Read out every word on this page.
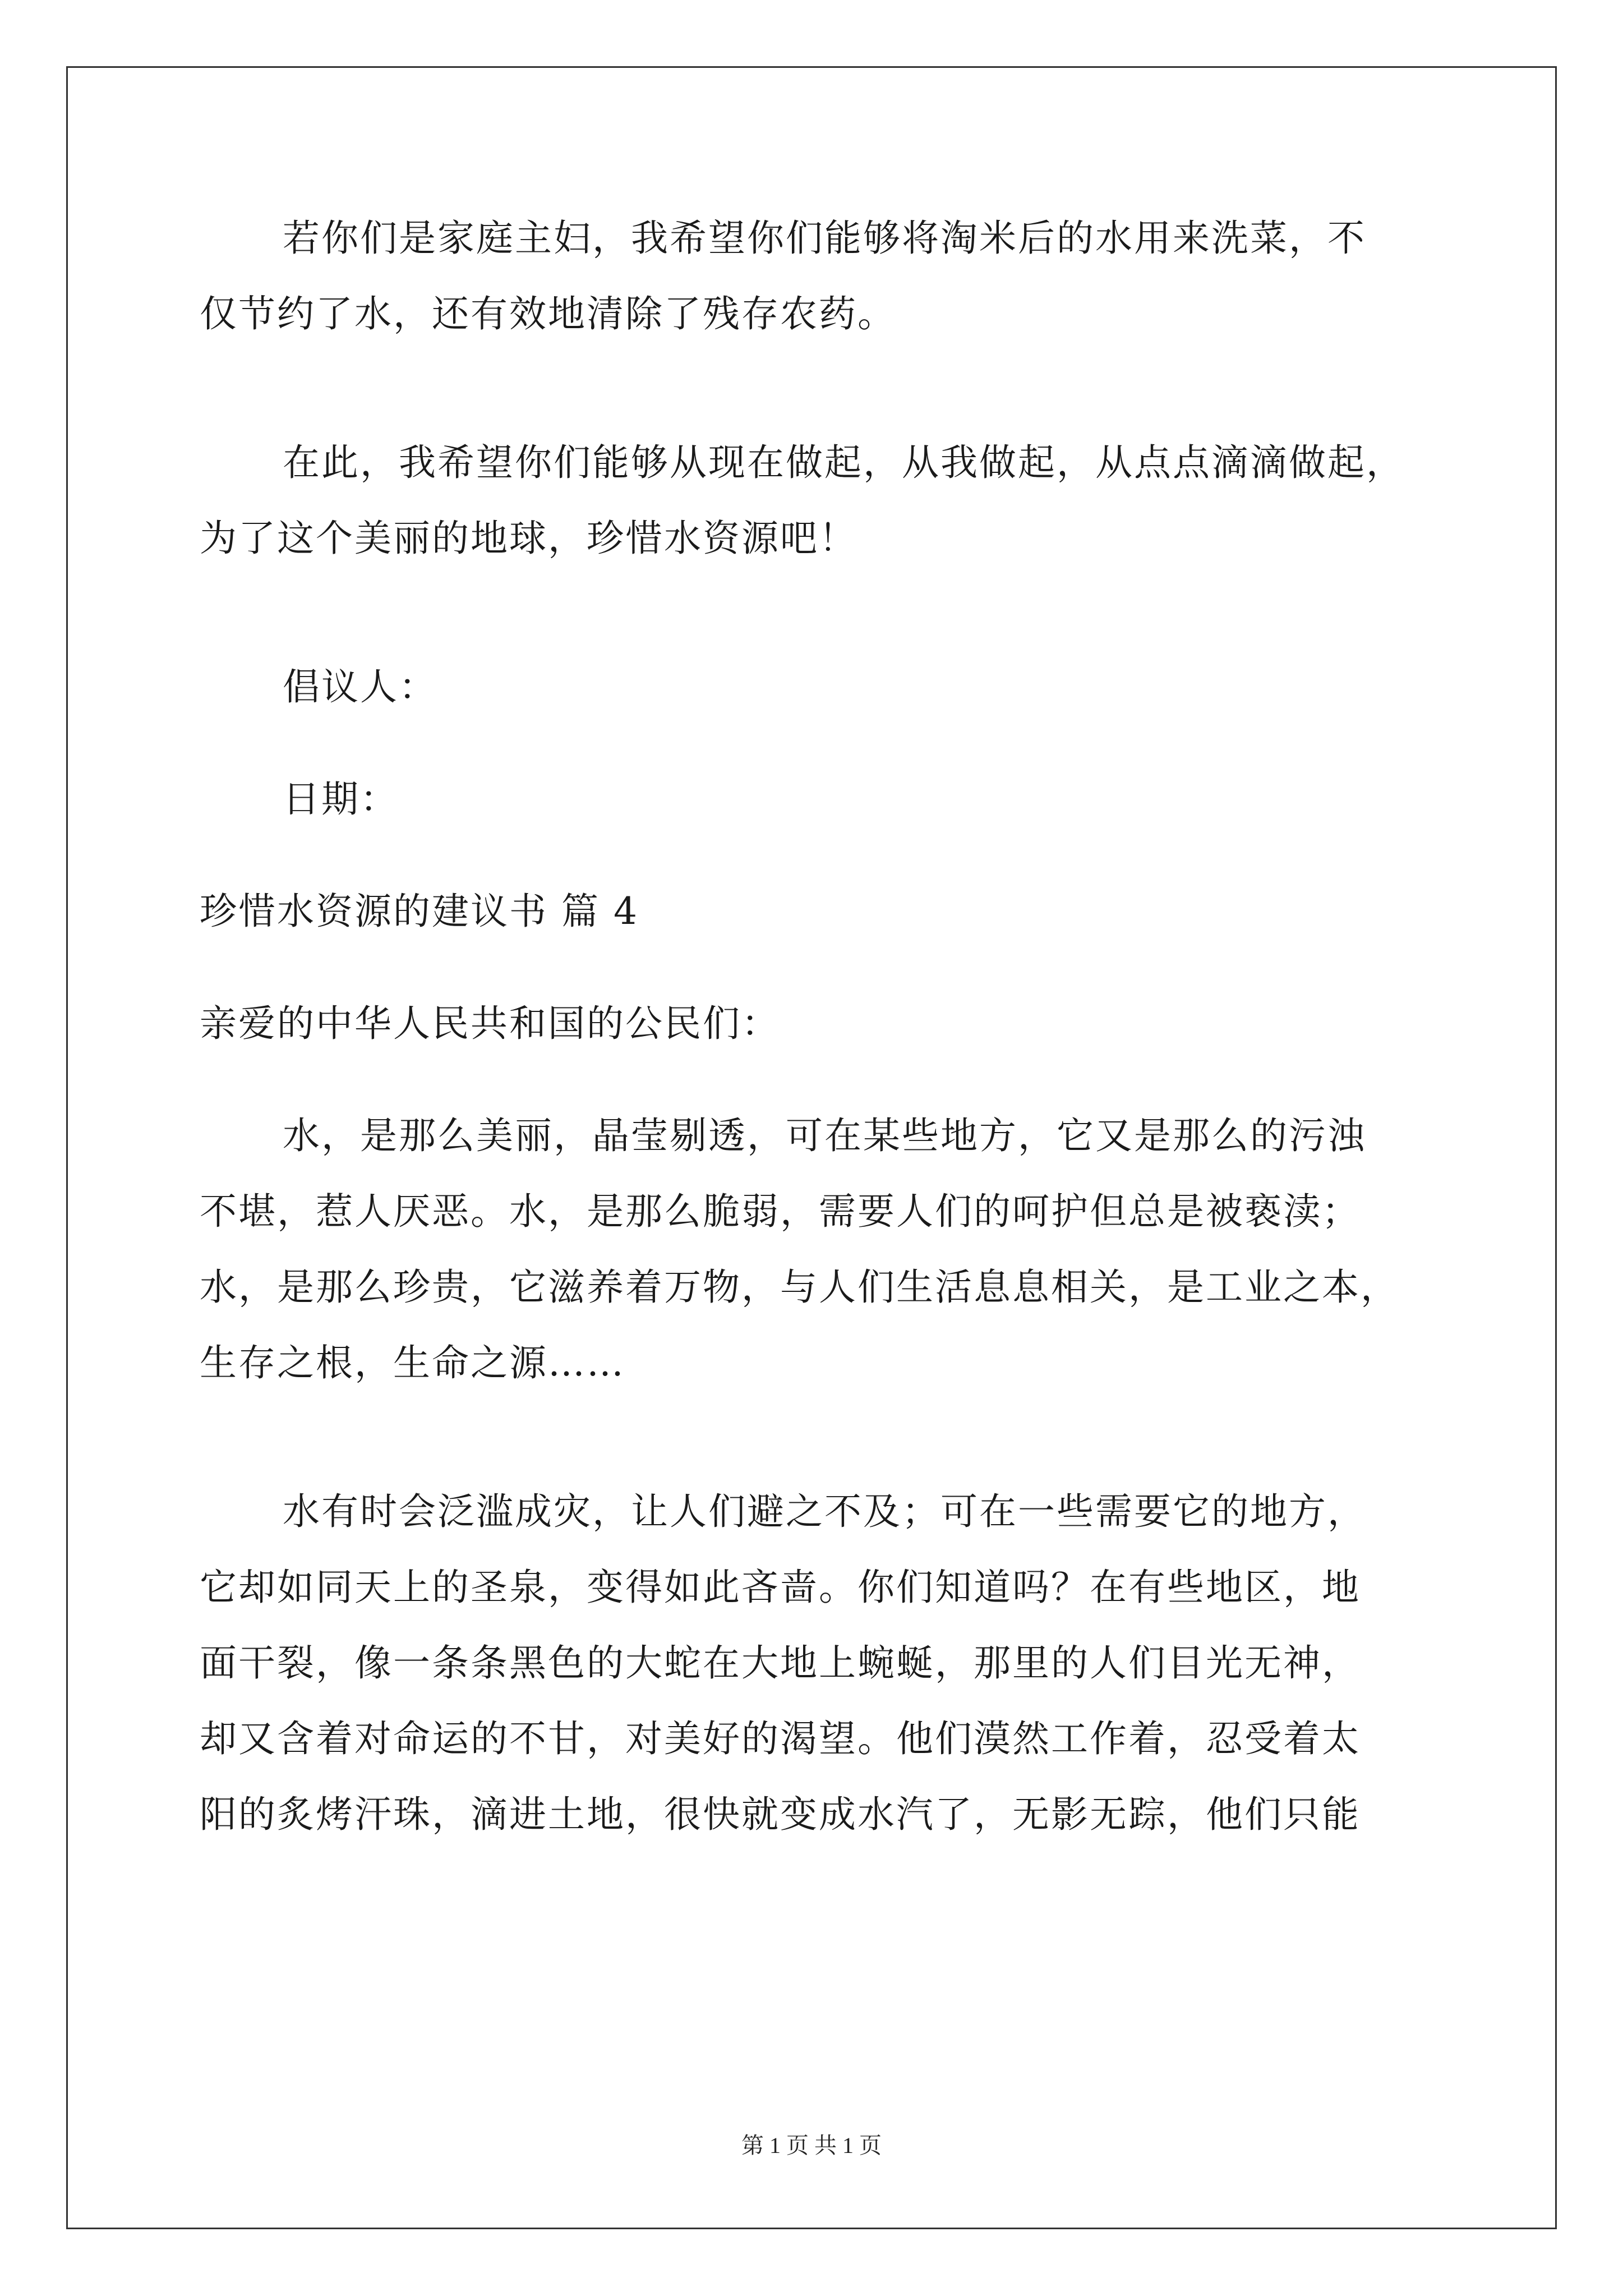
若你们是家庭主妇，我希望你们能够将淘米后的水用来洗菜，不
仅节约了水，还有效地清除了残存农药。
在此，我希望你们能够从现在做起，从我做起，从点点滴滴做起，
为了这个美丽的地球，珍惜水资源吧！
倡议人：
日期：
珍惜水资源的建议书 篇 4
亲爱的中华人民共和国的公民们：
水，是那么美丽，晶莹剔透，可在某些地方，它又是那么的污浊
不堪，惹人厌恶。水，是那么脆弱，需要人们的呵护但总是被亵渎；
水，是那么珍贵，它滋养着万物，与人们生活息息相关，是工业之本，
生存之根，生命之源……
水有时会泛滥成灾，让人们避之不及；可在一些需要它的地方，
它却如同天上的圣泉，变得如此吝啬。你们知道吗？在有些地区，地
面干裂，像一条条黑色的大蛇在大地上蜿蜒，那里的人们目光无神，
却又含着对命运的不甘，对美好的渴望。他们漠然工作着，忍受着太
阳的炙烤汗珠，滴进土地，很快就变成水汽了，无影无踪，他们只能
第 1 页 共 1 页
